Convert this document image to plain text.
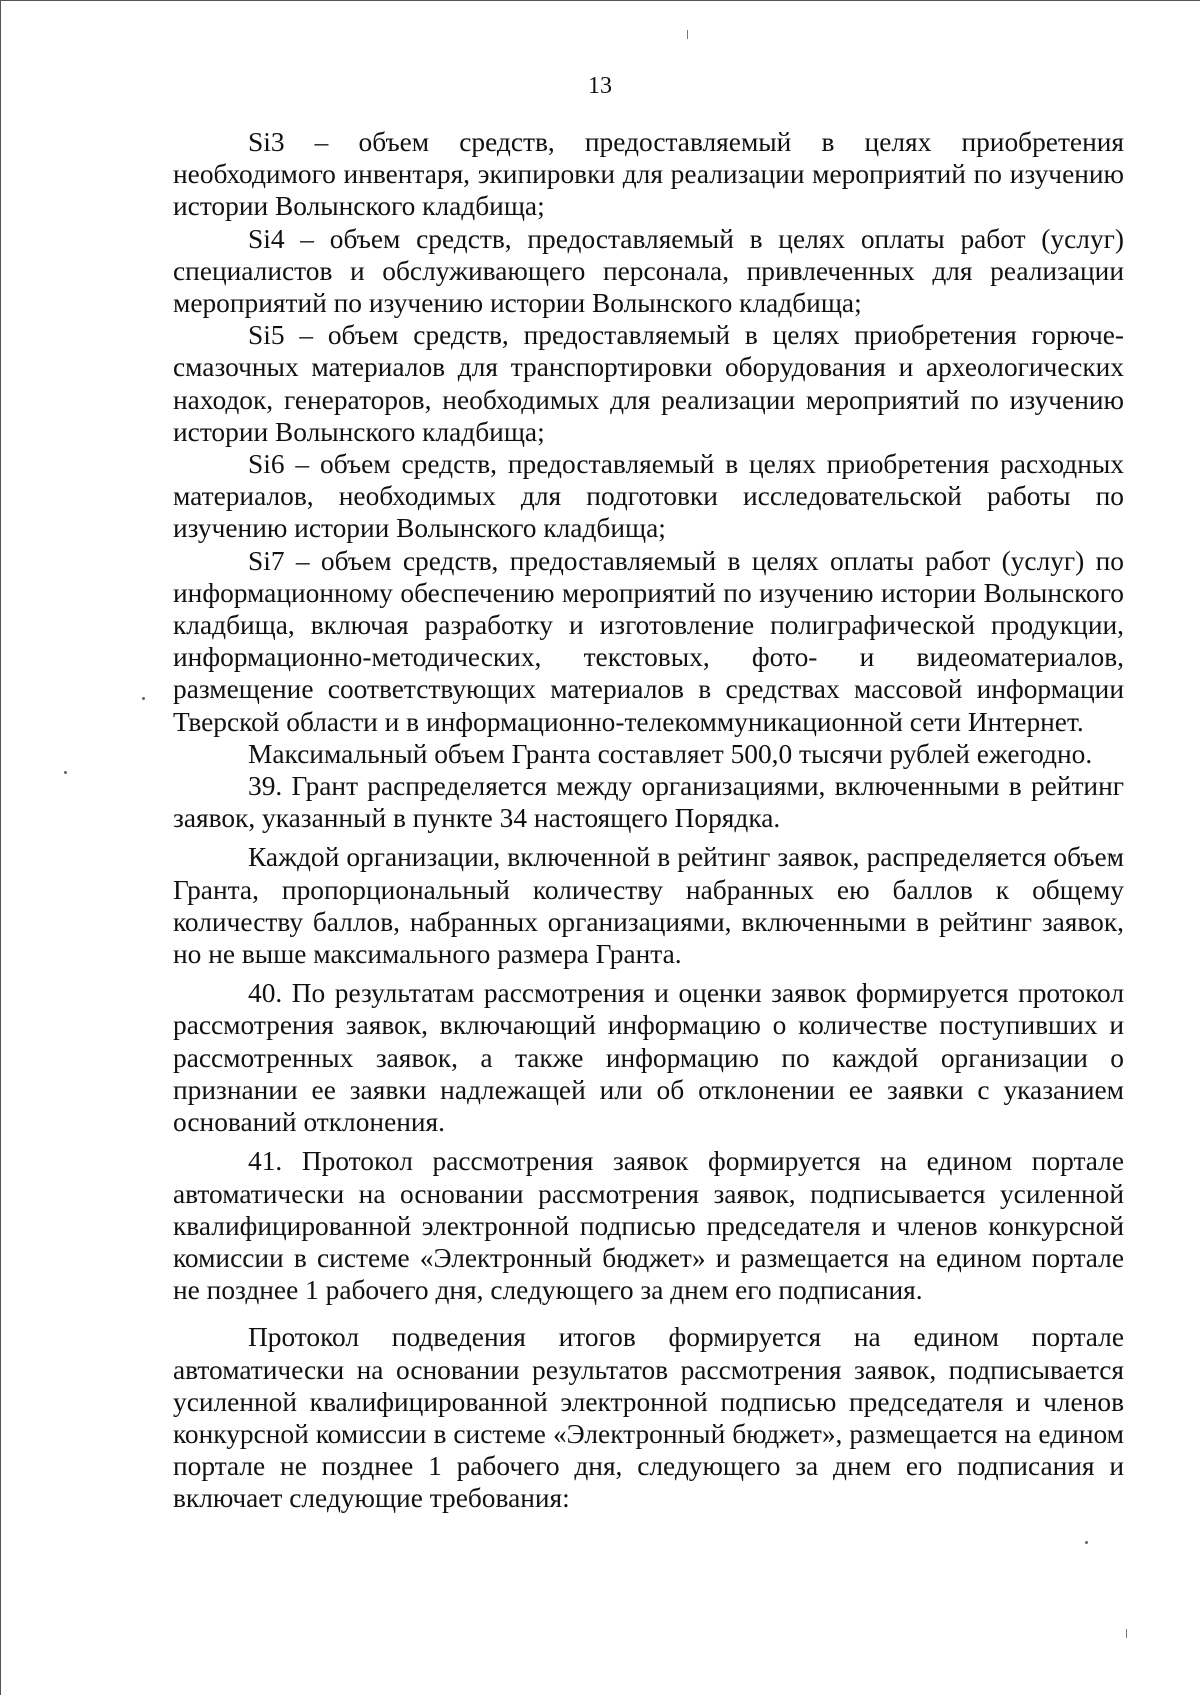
13

Si3 – объем средств, предоставляемый в целях приобретения необходимого инвентаря, экипировки для реализации мероприятий по изучению истории Волынского кладбища;

Si4 – объем средств, предоставляемый в целях оплаты работ (услуг) специалистов и обслуживающего персонала, привлеченных для реализации мероприятий по изучению истории Волынского кладбища;

Si5 – объем средств, предоставляемый в целях приобретения горюче-смазочных материалов для транспортировки оборудования и археологических находок, генераторов, необходимых для реализации мероприятий по изучению истории Волынского кладбища;

Si6 – объем средств, предоставляемый в целях приобретения расходных материалов, необходимых для подготовки исследовательской работы по изучению истории Волынского кладбища;

Si7 – объем средств, предоставляемый в целях оплаты работ (услуг) по информационному обеспечению мероприятий по изучению истории Волынского кладбища, включая разработку и изготовление полиграфической продукции, информационно-методических, текстовых, фото- и видеоматериалов, размещение соответствующих материалов в средствах массовой информации Тверской области и в информационно-телекоммуникационной сети Интернет.

Максимальный объем Гранта составляет 500,0 тысячи рублей ежегодно.

39. Грант распределяется между организациями, включенными в рейтинг заявок, указанный в пункте 34 настоящего Порядка.

Каждой организации, включенной в рейтинг заявок, распределяется объем Гранта, пропорциональный количеству набранных ею баллов к общему количеству баллов, набранных организациями, включенными в рейтинг заявок, но не выше максимального размера Гранта.

40. По результатам рассмотрения и оценки заявок формируется протокол рассмотрения заявок, включающий информацию о количестве поступивших и рассмотренных заявок, а также информацию по каждой организации о признании ее заявки надлежащей или об отклонении ее заявки с указанием оснований отклонения.

41. Протокол рассмотрения заявок формируется на едином портале автоматически на основании рассмотрения заявок, подписывается усиленной квалифицированной электронной подписью председателя и членов конкурсной комиссии в системе «Электронный бюджет» и размещается на едином портале не позднее 1 рабочего дня, следующего за днем его подписания.

Протокол подведения итогов формируется на едином портале автоматически на основании результатов рассмотрения заявок, подписывается усиленной квалифицированной электронной подписью председателя и членов конкурсной комиссии в системе «Электронный бюджет», размещается на едином портале не позднее 1 рабочего дня, следующего за днем его подписания и включает следующие требования:
